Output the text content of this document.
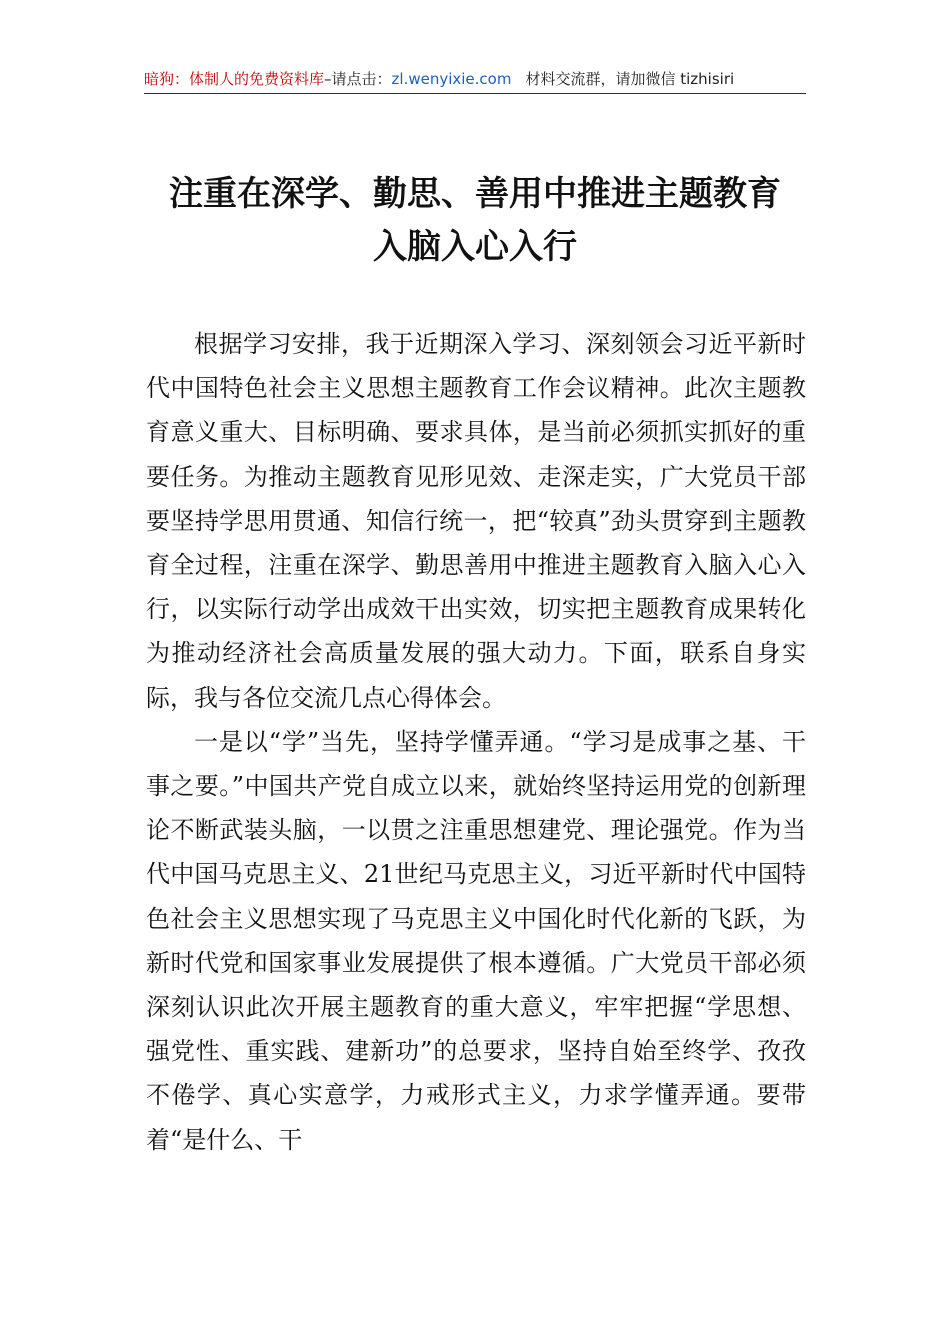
暗狗：体制人的免费资料库–请点击：zl.wenyixie.com 材料交流群，请加微信 tizhisiri
注重在深学、勤思、善用中推进主题教育
入脑入心入行

根据学习安排，我于近期深入学习、深刻领会习近平新时代中国特色社会主义思想主题教育工作会议精神。此次主题教育意义重大、目标明确、要求具体，是当前必须抓实抓好的重要任务。为推动主题教育见形见效、走深走实，广大党员干部要坚持学思用贯通、知信行统一，把“较真”劲头贯穿到主题教育全过程，注重在深学、勤思善用中推进主题教育入脑入心入行，以实际行动学出成效干出实效，切实把主题教育成果转化为推动经济社会高质量发展的强大动力。下面，联系自身实际，我与各位交流几点心得体会。

一是以“学”当先，坚持学懂弄通。“学习是成事之基、干事之要。”中国共产党自成立以来，就始终坚持运用党的创新理论不断武装头脑，一以贯之注重思想建党、理论强党。作为当代中国马克思主义、21世纪马克思主义，习近平新时代中国特色社会主义思想实现了马克思主义中国化时代化新的飞跃，为新时代党和国家事业发展提供了根本遵循。广大党员干部必须深刻认识此次开展主题教育的重大意义，牢牢把握“学思想、强党性、重实践、建新功”的总要求，坚持自始至终学、孜孜不倦学、真心实意学，力戒形式主义，力求学懂弄通。要带着“是什么、干
